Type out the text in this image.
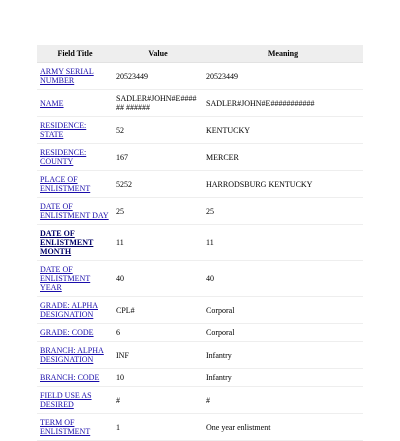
Field Title	Value	Meaning
ARMY SERIAL NUMBER	20523449	20523449
NAME	SADLER#JOHN#E###### ######	SADLER#JOHN#E###########
RESIDENCE: STATE	52	KENTUCKY
RESIDENCE: COUNTY	167	MERCER
PLACE OF ENLISTMENT	5252	HARRODSBURG KENTUCKY
DATE OF ENLISTMENT DAY	25	25
DATE OF ENLISTMENT MONTH	11	11
DATE OF ENLISTMENT YEAR	40	40
GRADE: ALPHA DESIGNATION	CPL#	Corporal
GRADE: CODE	6	Corporal
BRANCH: ALPHA DESIGNATION	INF	Infantry
BRANCH: CODE	10	Infantry
FIELD USE AS DESIRED	#	#
TERM OF ENLISTMENT	1	One year enlistment
